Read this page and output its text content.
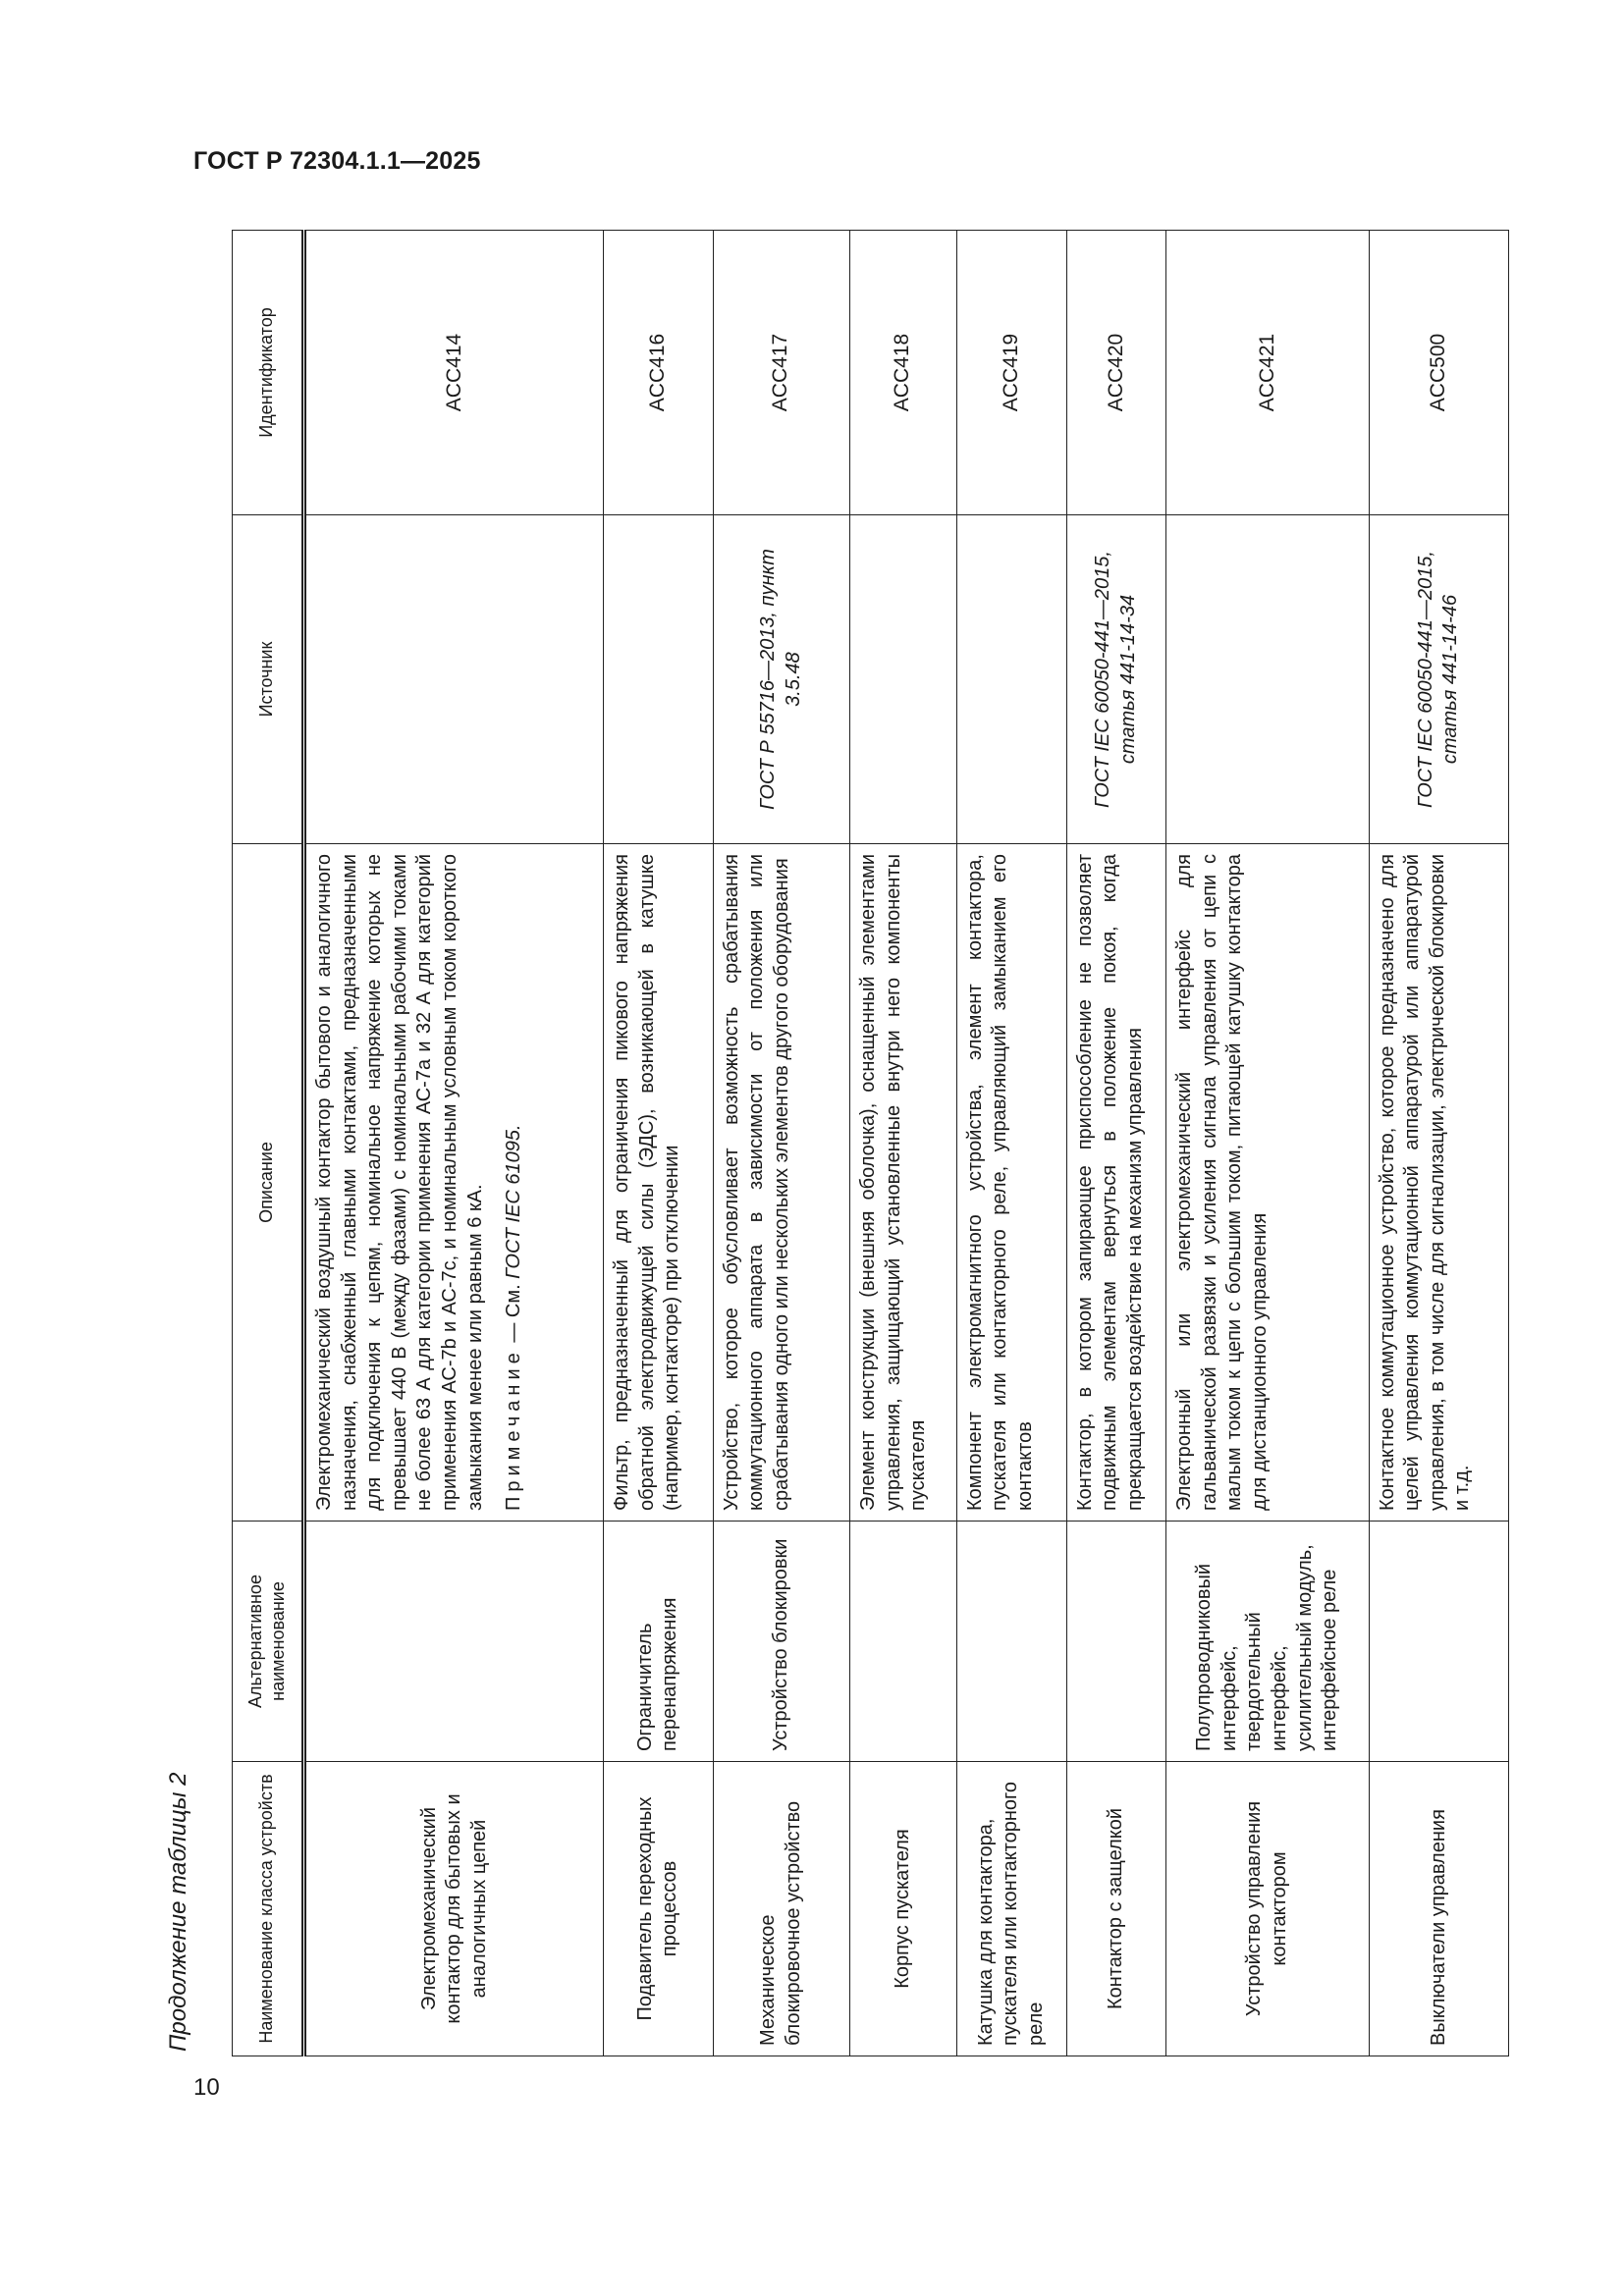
ГОСТ Р 72304.1.1—2025
Продолжение таблицы 2	Наименование класса устройств	Альтернативное наименование	Описание	Источник	Идентификатор
Электромеханический контактор для бытовых и аналогичных цепей		Электромеханический воздушный контактор бытового и аналогичного назначения, снабженный главными контактами, предназначенными для подключения к цепям, номинальное напряжение которых не превышает 440 В (между фазами) с номинальными рабочими токами не более 63 А для категории применения АС-7а и 32 А для категорий применения АС-7b и АС-7с, и номинальным условным током короткого замыкания менее или равным 6 кА. Примечание — См. ГОСТ IEC 61095.		ACC414
Подавитель переходных процессов	Ограничитель перенапряжения	Фильтр, предназначенный для ограничения пикового напряжения обратной электродвижущей силы (ЭДС), возникающей в катушке (например, контакторе) при отключении		ACC416
Механическое блокировочное устройство	Устройство блокировки	Устройство, которое обусловливает возможность срабатывания коммутационного аппарата в зависимости от положения или срабатывания одного или нескольких элементов другого оборудования	ГОСТ Р 55716—2013, пункт 3.5.48	ACC417
Корпус пускателя		Элемент конструкции (внешняя оболочка), оснащенный элементами управления, защищающий установленные внутри него компоненты пускателя		ACC418
Катушка для контактора, пускателя или контакторного реле		Компонент электромагнитного устройства, элемент контактора, пускателя или контакторного реле, управляющий замыканием его контактов		ACC419
Контактор с защелкой		Контактор, в котором запирающее приспособление не позволяет подвижным элементам вернуться в положение покоя, когда прекращается воздействие на механизм управления	ГОСТ IEC 60050-441—2015, статья 441-14-34	ACC420
Устройство управления контактором	Полупроводниковый интерфейс, твердотельный интерфейс, усилительный модуль, интерфейсное реле	Электронный или электромеханический интерфейс для гальванической развязки и усиления сигнала управления от цепи с малым током к цепи с большим током, питающей катушку контактора для дистанционного управления		ACC421
Выключатели управления		Контактное коммутационное устройство, которое предназначено для целей управления коммутационной аппаратурой или аппаратурой управления, в том числе для сигнализации, электрической блокировки и т.д.	ГОСТ IEC 60050-441—2015, статья 441-14-46	ACC500
10
